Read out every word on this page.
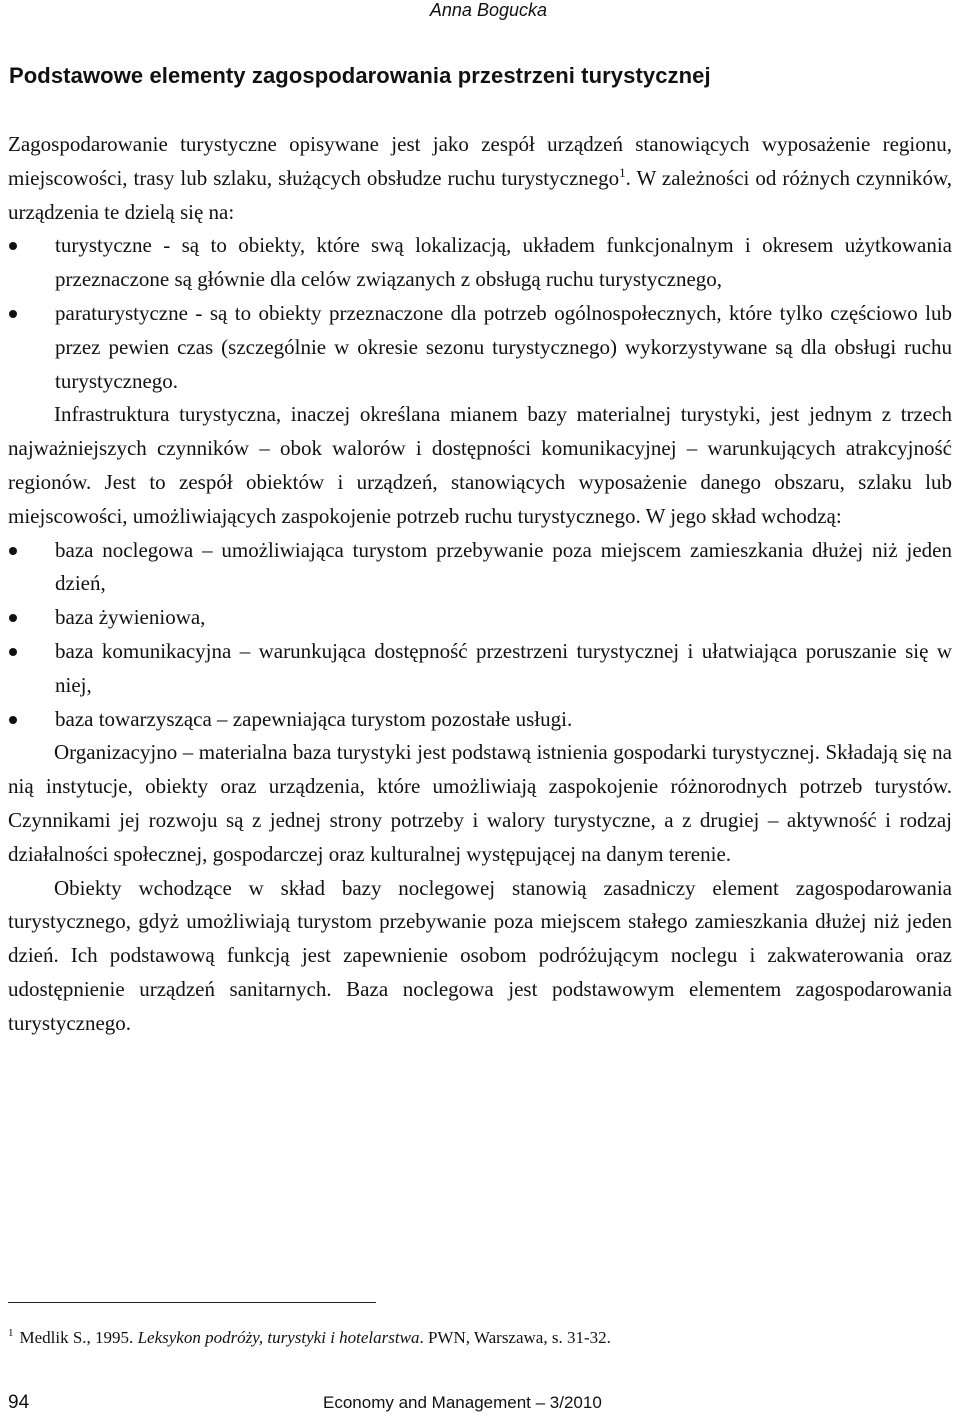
Anna Bogucka
Podstawowe elementy zagospodarowania przestrzeni turystycznej

Zagospodarowanie turystyczne opisywane jest jako zespół urządzeń stanowiących wyposażenie regionu, miejscowości, trasy lub szlaku, służących obsłudze ruchu turystycznego$^1$. W zależności od różnych czynników, urządzenia te dzielą się na:

turystyczne - są to obiekty, które swą lokalizacją, układem funkcjonalnym i okresem użytkowania przeznaczone są głównie dla celów związanych z obsługą ruchu turystycznego,
paraturystyczne - są to obiekty przeznaczone dla potrzeb ogólnospołecznych, które tylko częściowo lub przez pewien czas (szczególnie w okresie sezonu turystycznego) wykorzystywane są dla obsługi ruchu turystycznego.

Infrastruktura turystyczna, inaczej określana mianem bazy materialnej turystyki, jest jednym z trzech najważniejszych czynników – obok walorów i dostępności komunikacyjnej – warunkujących atrakcyjność regionów. Jest to zespół obiektów i urządzeń, stanowiących wyposażenie danego obszaru, szlaku lub miejscowości, umożliwiających zaspokojenie potrzeb ruchu turystycznego. W jego skład wchodzą:

baza noclegowa – umożliwiająca turystom przebywanie poza miejscem zamieszkania dłużej niż jeden dzień,
baza żywieniowa,
baza komunikacyjna – warunkująca dostępność przestrzeni turystycznej i ułatwiająca poruszanie się w niej,
baza towarzysząca – zapewniająca turystom pozostałe usługi.

Organizacyjno – materialna baza turystyki jest podstawą istnienia gospodarki turystycznej. Składają się na nią instytucje, obiekty oraz urządzenia, które umożliwiają zaspokojenie różnorodnych potrzeb turystów. Czynnikami jej rozwoju są z jednej strony potrzeby i walory turystyczne, a z drugiej – aktywność i rodzaj działalności społecznej, gospodarczej oraz kulturalnej występującej na danym terenie.

Obiekty wchodzące w skład bazy noclegowej stanowią zasadniczy element zagospodarowania turystycznego, gdyż umożliwiają turystom przebywanie poza miejscem stałego zamieszkania dłużej niż jeden dzień. Ich podstawową funkcją jest zapewnienie osobom podróżującym noclegu i zakwaterowania oraz udostępnienie urządzeń sanitarnych. Baza noclegowa jest podstawowym elementem zagospodarowania turystycznego.

$^1$ Medlik S., 1995. Leksykon podróży, turystyki i hotelarstwa. PWN, Warszawa, s. 31-32.
94	Economy and Management – 3/2010
